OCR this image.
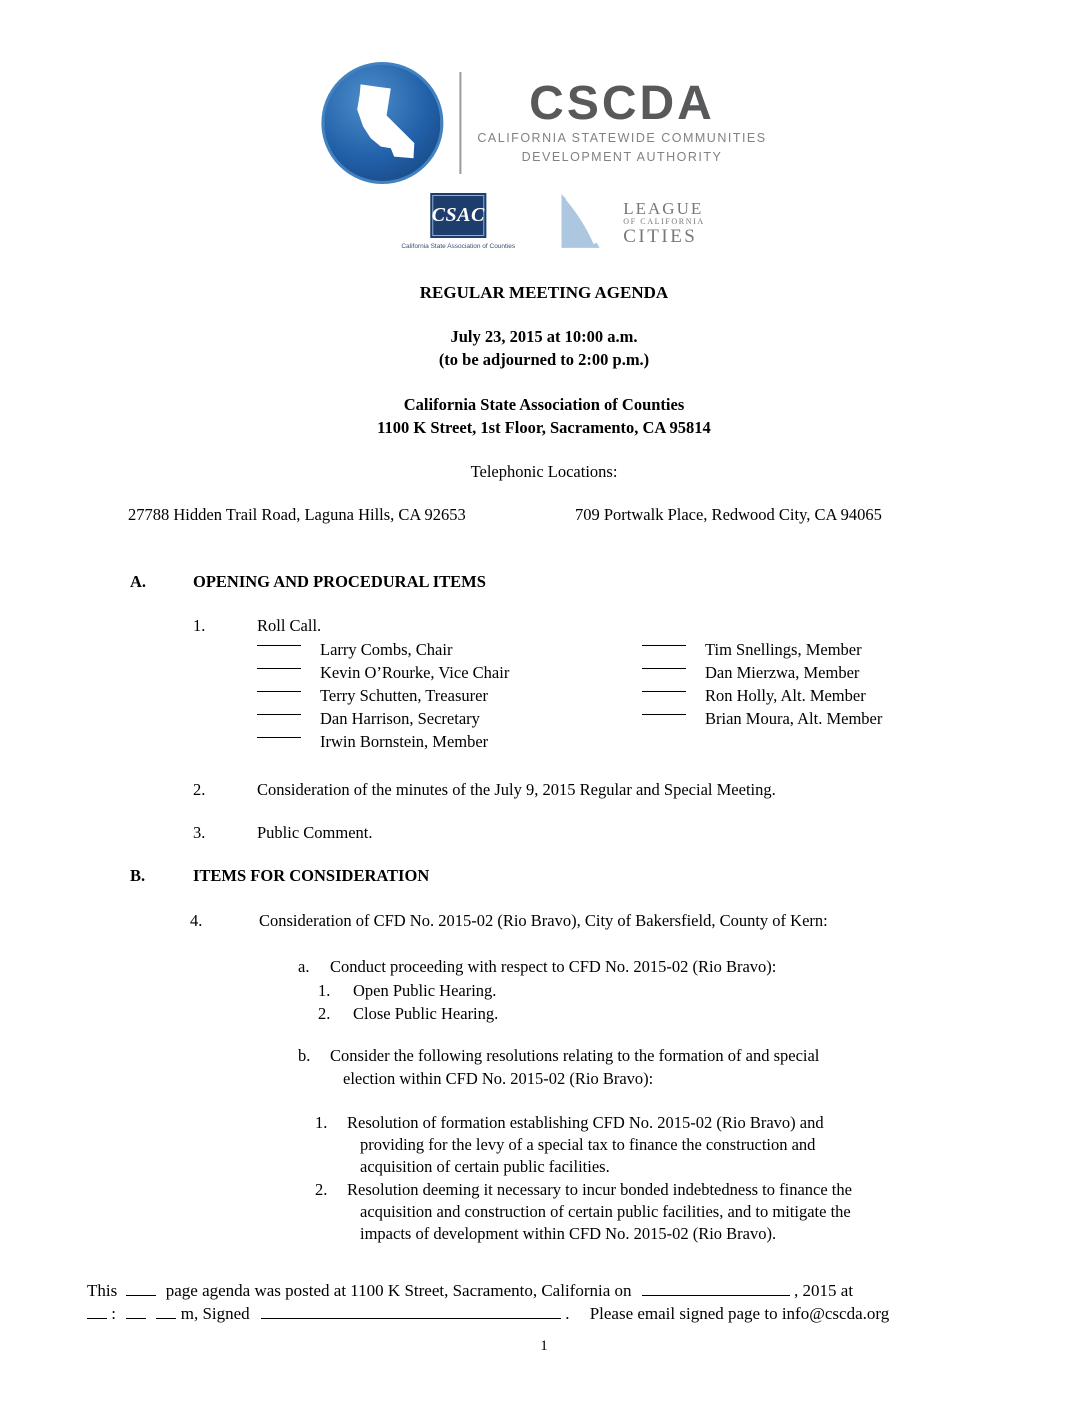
CSCDA
CALIFORNIA STATEWIDE COMMUNITIES
DEVELOPMENT AUTHORITY
CSAC
California State Association of Counties
LEAGUE
OF CALIFORNIA
CITIES
REGULAR MEETING AGENDA
July 23, 2015 at 10:00 a.m.
(to be adjourned to 2:00 p.m.)
California State Association of Counties
1100 K Street, 1st Floor, Sacramento, CA 95814
Telephonic Locations:
27788 Hidden Trail Road, Laguna Hills, CA 92653	709 Portwalk Place, Redwood City, CA 94065
A.	OPENING AND PROCEDURAL ITEMS
1.	Roll Call.
Larry Combs, Chair
Kevin O’Rourke, Vice Chair
Terry Schutten, Treasurer
Dan Harrison, Secretary
Irwin Bornstein, Member
Tim Snellings, Member
Dan Mierzwa, Member
Ron Holly, Alt. Member
Brian Moura, Alt. Member
2.	Consideration of the minutes of the July 9, 2015 Regular and Special Meeting.
3.	Public Comment.
B.	ITEMS FOR CONSIDERATION
4.	Consideration of CFD No. 2015-02 (Rio Bravo), City of Bakersfield, County of Kern:
a. Conduct proceeding with respect to CFD No. 2015-02 (Rio Bravo):
1. Open Public Hearing.
2. Close Public Hearing.
b. Consider the following resolutions relating to the formation of and special
election within CFD No. 2015-02 (Rio Bravo):
1. Resolution of formation establishing CFD No. 2015-02 (Rio Bravo) and
providing for the levy of a special tax to finance the construction and
acquisition of certain public facilities.
2. Resolution deeming it necessary to incur bonded indebtedness to finance the
acquisition and construction of certain public facilities, and to mitigate the
impacts of development within CFD No. 2015-02 (Rio Bravo).
This	page agenda was posted at 1100 K Street, Sacramento, California on	, 2015 at
:	m, Signed	. Please email signed page to info@cscda.org
1
